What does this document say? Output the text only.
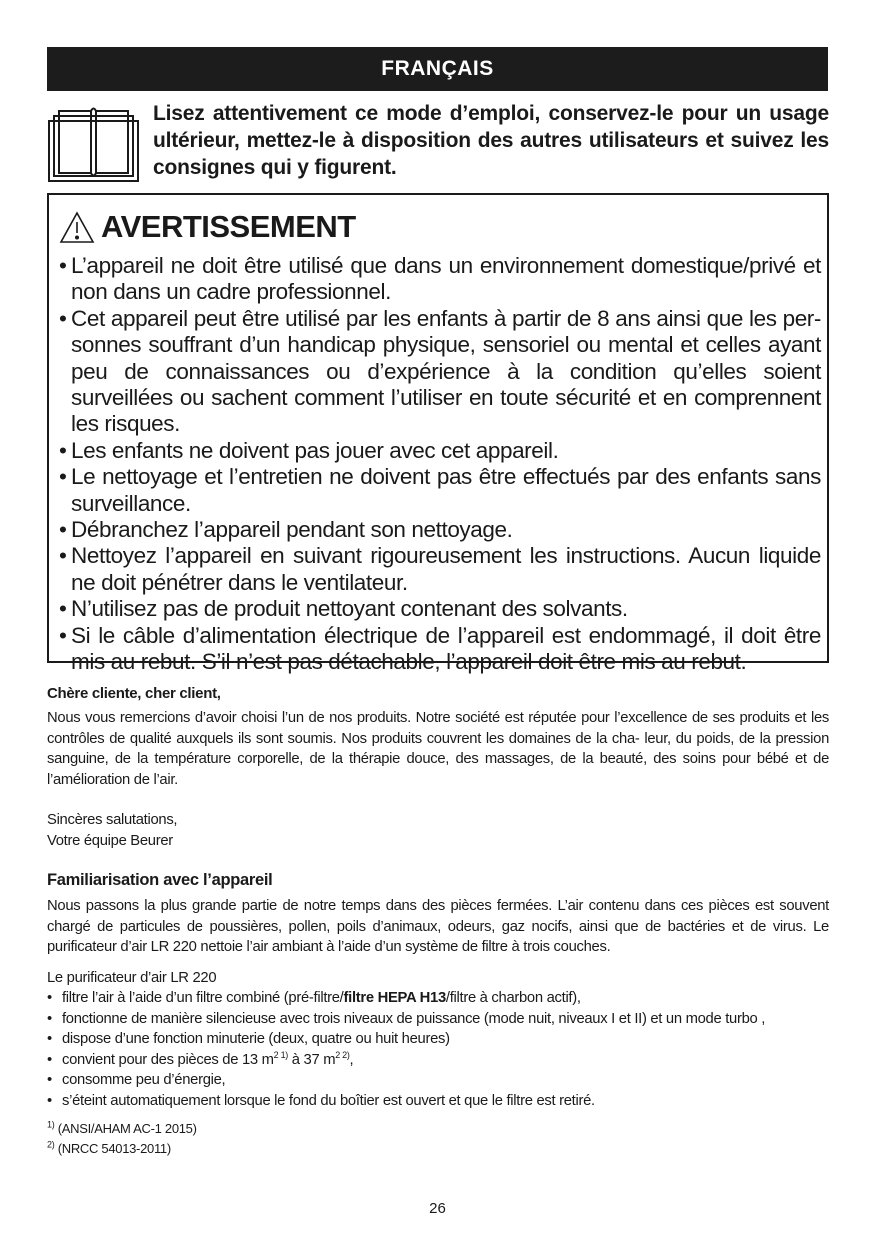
FRANÇAIS
Lisez attentivement ce mode d’emploi, conservez-le pour un usage ultérieur, mettez-le à disposition des autres utilisateurs et suivez les consignes qui y figurent.
AVERTISSEMENT
• L’appareil ne doit être utilisé que dans un environnement domestique/privé et non dans un cadre professionnel.
• Cet appareil peut être utilisé par les enfants à partir de 8 ans ainsi que les per- sonnes souffrant d’un handicap physique, sensoriel ou mental et celles ayant peu de connaissances ou d’expérience à la condition qu’elles soient surveillées ou sachent comment l’utiliser en toute sécurité et en comprennent les risques.
• Les enfants ne doivent pas jouer avec cet appareil.
• Le nettoyage et l’entretien ne doivent pas être effectués par des enfants sans surveillance.
• Débranchez l’appareil pendant son nettoyage.
• Nettoyez l’appareil en suivant rigoureusement les instructions. Aucun liquide ne doit pénétrer dans le ventilateur.
• N’utilisez pas de produit nettoyant contenant des solvants.
• Si le câble d’alimentation électrique de l’appareil est endommagé, il doit être mis au rebut. S’il n’est pas détachable, l’appareil doit être mis au rebut.
Chère cliente, cher client,

Nous vous remercions d’avoir choisi l’un de nos produits. Notre société est réputée pour l’excellence de ses produits et les contrôles de qualité auxquels ils sont soumis. Nos produits couvrent les domaines de la cha- leur, du poids, de la pression sanguine, de la température corporelle, de la thérapie douce, des massages, de la beauté, des soins pour bébé et de l’amélioration de l’air.

Sincères salutations,

Votre équipe Beurer

Familiarisation avec l’appareil

Nous passons la plus grande partie de notre temps dans des pièces fermées. L’air contenu dans ces pièces est souvent chargé de particules de poussières, pollen, poils d’animaux, odeurs, gaz nocifs, ainsi que de bactéries et de virus. Le purificateur d’air LR 220 nettoie l’air ambiant à l’aide d’un système de filtre à trois couches.

Le purificateur d’air LR 220

• filtre l’air à l’aide d’un filtre combiné (pré-filtre/filtre HEPA H13/filtre à charbon actif),
• fonctionne de manière silencieuse avec trois niveaux de puissance (mode nuit, niveaux I et II) et un mode turbo ,
• dispose d’une fonction minuterie (deux, quatre ou huit heures)
• convient pour des pièces de 13 $m^{2 1)}$ à 37 $m^{2 2)}$,
• consomme peu d’énergie,
• s’éteint automatiquement lorsque le fond du boîtier est ouvert et que le filtre est retiré.

$^{1)}$ (ANSI/AHAM AC-1 2015)

$^{2)}$ (NRCC 54013-2011)

26
